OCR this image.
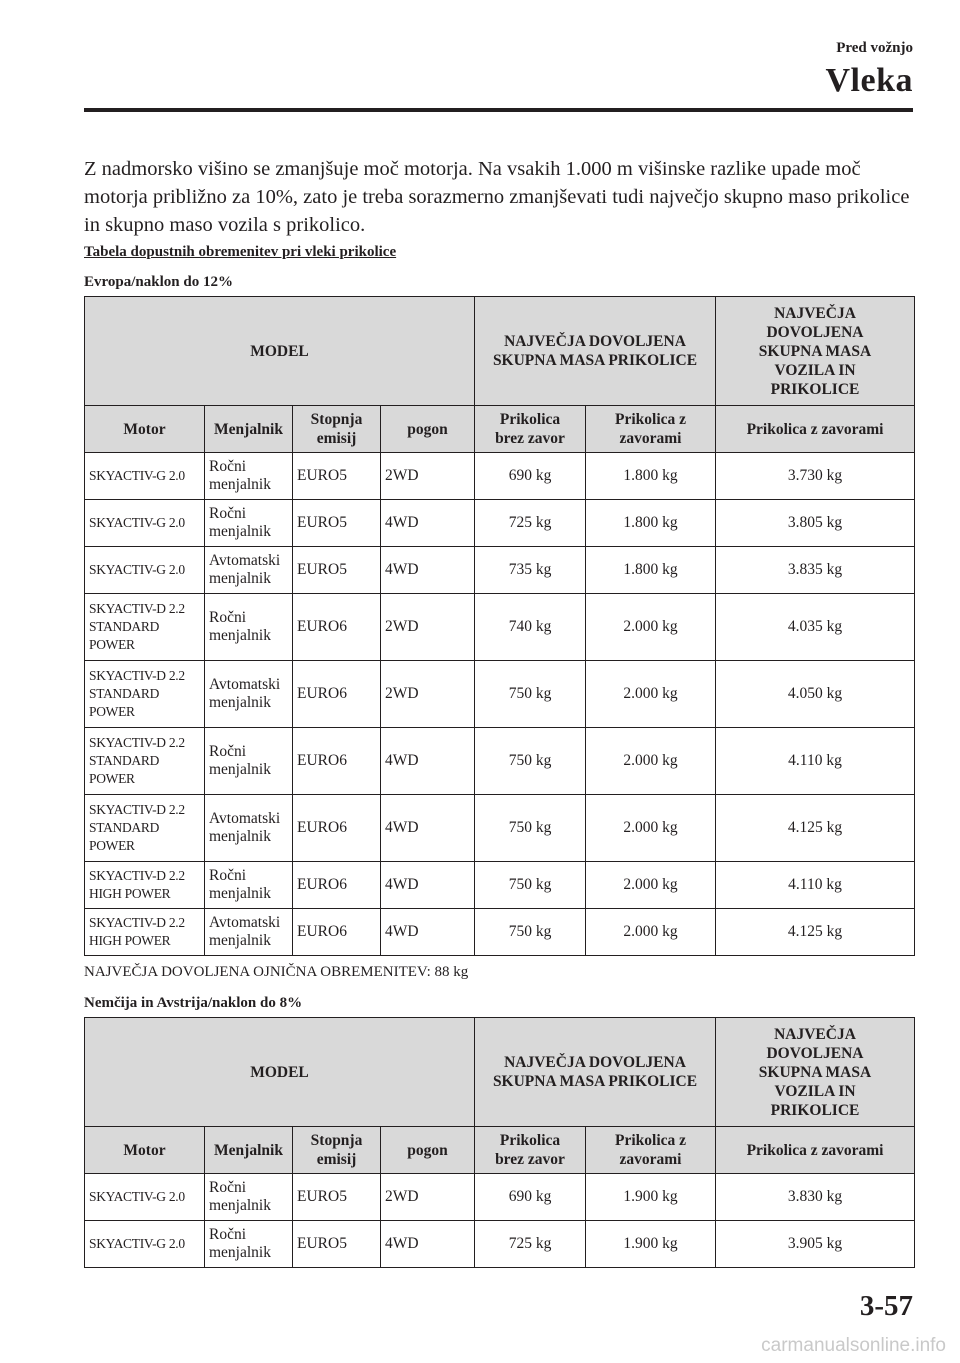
Pred vožnjo
Vleka
Z nadmorsko višino se zmanjšuje moč motorja. Na vsakih 1.000 m višinske razlike upade moč motorja približno za 10%, zato je treba sorazmerno zmanjševati tudi največjo skupno maso prikolice in skupno maso vozila s prikolico.
Tabela dopustnih obremenitev pri vleki prikolice
Evropa/naklon do 12%
MODEL				NAJVEČJA DOVOLJENA SKUPNA MASA PRIKOLICE		NAJVEČJA DOVOLJENA SKUPNA MASA VOZILA IN PRIKOLICE
Motor	Menjalnik	Stopnja emisij	pogon	Prikolica brez zavor	Prikolica z zavorami	Prikolica z zavorami
SKYACTIV-G 2.0	Ročni menjalnik	EURO5	2WD	690 kg	1.800 kg	3.730 kg
SKYACTIV-G 2.0	Ročni menjalnik	EURO5	4WD	725 kg	1.800 kg	3.805 kg
SKYACTIV-G 2.0	Avtomatski menjalnik	EURO5	4WD	735 kg	1.800 kg	3.835 kg
SKYACTIV-D 2.2 STANDARD POWER	Ročni menjalnik	EURO6	2WD	740 kg	2.000 kg	4.035 kg
SKYACTIV-D 2.2 STANDARD POWER	Avtomatski menjalnik	EURO6	2WD	750 kg	2.000 kg	4.050 kg
SKYACTIV-D 2.2 STANDARD POWER	Ročni menjalnik	EURO6	4WD	750 kg	2.000 kg	4.110 kg
SKYACTIV-D 2.2 STANDARD POWER	Avtomatski menjalnik	EURO6	4WD	750 kg	2.000 kg	4.125 kg
SKYACTIV-D 2.2 HIGH POWER	Ročni menjalnik	EURO6	4WD	750 kg	2.000 kg	4.110 kg
SKYACTIV-D 2.2 HIGH POWER	Avtomatski menjalnik	EURO6	4WD	750 kg	2.000 kg	4.125 kg
NAJVEČJA DOVOLJENA OJNIČNA OBREMENITEV: 88 kg
Nemčija in Avstrija/naklon do 8%
MODEL				NAJVEČJA DOVOLJENA SKUPNA MASA PRIKOLICE		NAJVEČJA DOVOLJENA SKUPNA MASA VOZILA IN PRIKOLICE
Motor	Menjalnik	Stopnja emisij	pogon	Prikolica brez zavor	Prikolica z zavorami	Prikolica z zavorami
SKYACTIV-G 2.0	Ročni menjalnik	EURO5	2WD	690 kg	1.900 kg	3.830 kg
SKYACTIV-G 2.0	Ročni menjalnik	EURO5	4WD	725 kg	1.900 kg	3.905 kg
3-57
carmanualsonline.info
